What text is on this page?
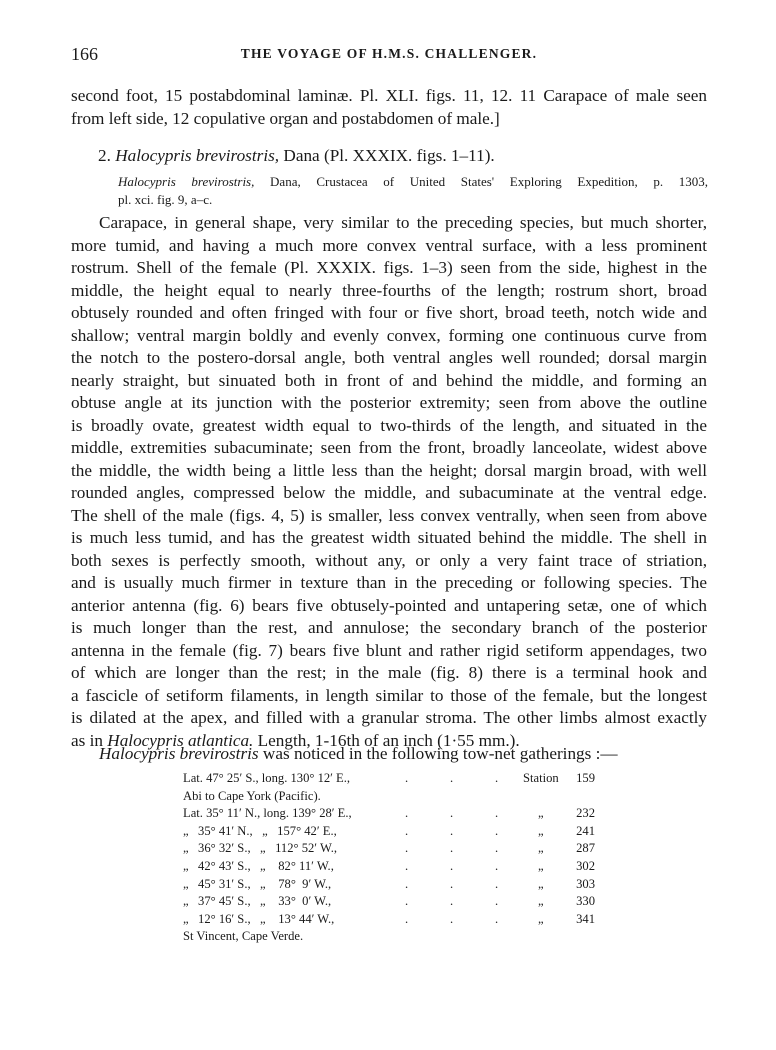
166	THE VOYAGE OF H.M.S. CHALLENGER.
second foot, 15 postabdominal laminæ. Pl. XLI. figs. 11, 12. 11 Carapace of male seen
from left side, 12 copulative organ and postabdomen of male.]
2. Halocypris brevirostris, Dana (Pl. XXXIX. figs. 1–11).
Halocypris brevirostris, Dana, Crustacea of United States' Exploring Expedition, p. 1303,
pl. xci. fig. 9, a–c.
Carapace, in general shape, very similar to the preceding species, but much shorter,
more tumid, and having a much more convex ventral surface, with a less prominent
rostrum. Shell of the female (Pl. XXXIX. figs. 1–3) seen from the side, highest in the
middle, the height equal to nearly three-fourths of the length; rostrum short, broad
obtusely rounded and often fringed with four or five short, broad teeth, notch wide and
shallow; ventral margin boldly and evenly convex, forming one continuous curve from
the notch to the postero-dorsal angle, both ventral angles well rounded; dorsal margin
nearly straight, but sinuated both in front of and behind the middle, and forming an
obtuse angle at its junction with the posterior extremity; seen from above the outline
is broadly ovate, greatest width equal to two-thirds of the length, and situated in the
middle, extremities subacuminate; seen from the front, broadly lanceolate, widest above
the middle, the width being a little less than the height; dorsal margin broad, with well
rounded angles, compressed below the middle, and subacuminate at the ventral edge.
The shell of the male (figs. 4, 5) is smaller, less convex ventrally, when seen from above
is much less tumid, and has the greatest width situated behind the middle. The shell in
both sexes is perfectly smooth, without any, or only a very faint trace of striation,
and is usually much firmer in texture than in the preceding or following species. The
anterior antenna (fig. 6) bears five obtusely-pointed and untapering setæ, one of which
is much longer than the rest, and annulose; the secondary branch of the posterior
antenna in the female (fig. 7) bears five blunt and rather rigid setiform appendages, two
of which are longer than the rest; in the male (fig. 8) there is a terminal hook and
a fascicle of setiform filaments, in length similar to those of the female, but the longest
is dilated at the apex, and filled with a granular stroma. The other limbs almost exactly
as in Halocypris atlantica. Length, 1-16th of an inch (1·55 mm.).
Halocypris brevirostris was noticed in the following tow-net gatherings :—
Lat. 47° 25′ S., long. 130° 12′ E.,	.	.	.	Station 159
Abi to Cape York (Pacific).
Lat. 35° 11′ N., long. 139° 28′ E.,	.	.	.	„	232
„   35° 41′ N.,   „   157° 42′ E.,	.	.	.	„	241
„   36° 32′ S.,   „   112° 52′ W.,	.	.	.	„	287
„   42° 43′ S.,   „    82° 11′ W.,	.	.	.	„	302
„   45° 31′ S.,   „    78°  9′ W.,	.	.	.	„	303
„   37° 45′ S.,   „    33°  0′ W.,	.	.	.	„	330
„   12° 16′ S.,   „    13° 44′ W.,	.	.	.	„	341
St Vincent, Cape Verde.
